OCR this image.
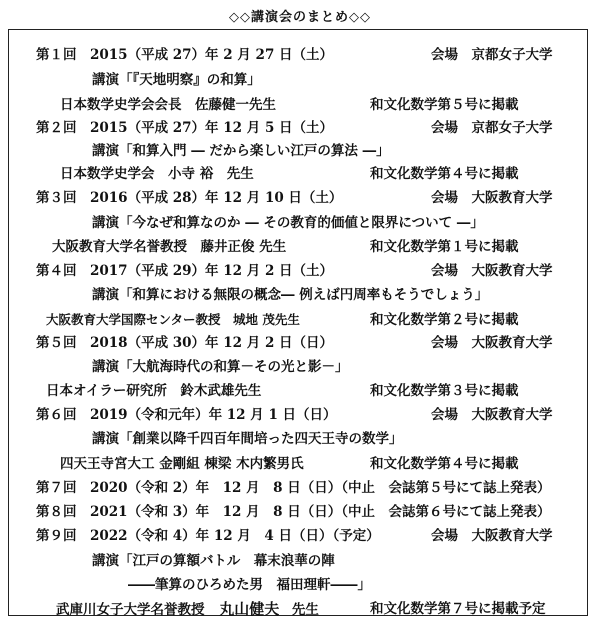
◇◇講演会のまとめ◇◇
第１回　2015（平成 27）年 2 月 27 日（土）	会場　京都女子大学
講演「『天地明察』の和算」
日本数学史学会会長　佐藤健一先生	和文化数学第５号に掲載
第２回　2015（平成 27）年 12 月 5 日（土）	会場　京都女子大学
講演「和算入門 ― だから楽しい江戸の算法 ―」
日本数学史学会　小寺 裕　先生	和文化数学第４号に掲載
第３回　2016（平成 28）年 12 月 10 日（土）	会場　大阪教育大学
講演「今なぜ和算なのか ― その教育的価値と限界について ―」
大阪教育大学名誉教授　藤井正俊 先生	和文化数学第１号に掲載
第４回　2017（平成 29）年 12 月 2 日（土）	会場　大阪教育大学
講演「和算における無限の概念― 例えば円周率もそうでしょう」
大阪教育大学国際センター教授　城地 茂先生	和文化数学第２号に掲載
第５回　2018（平成 30）年 12 月 2 日（日）	会場　大阪教育大学
講演「大航海時代の和算－その光と影－」
日本オイラー研究所　鈴木武雄先生	和文化数学第３号に掲載
第６回　2019（令和元年）年 12 月 1 日（日）	会場　大阪教育大学
講演「創業以降千四百年間培った四天王寺の数学」
四天王寺宮大工 金剛組 棟梁 木内繁男氏	和文化数学第４号に掲載
第７回　2020（令和 2）年　12 月　8 日（日）（中止　会誌第５号にて誌上発表）
第８回　2021（令和 3）年　12 月　8 日（日）（中止　会誌第６号にて誌上発表）
第９回　2022（令和 4）年 12 月　4 日（日）（予定）	会場　大阪教育大学
講演「江戸の算額バトル　幕末浪華の陣
――筆算のひろめた男　福田理軒――」
武庫川女子大学名誉教授 丸山健夫 先生	和文化数学第７号に掲載予定
